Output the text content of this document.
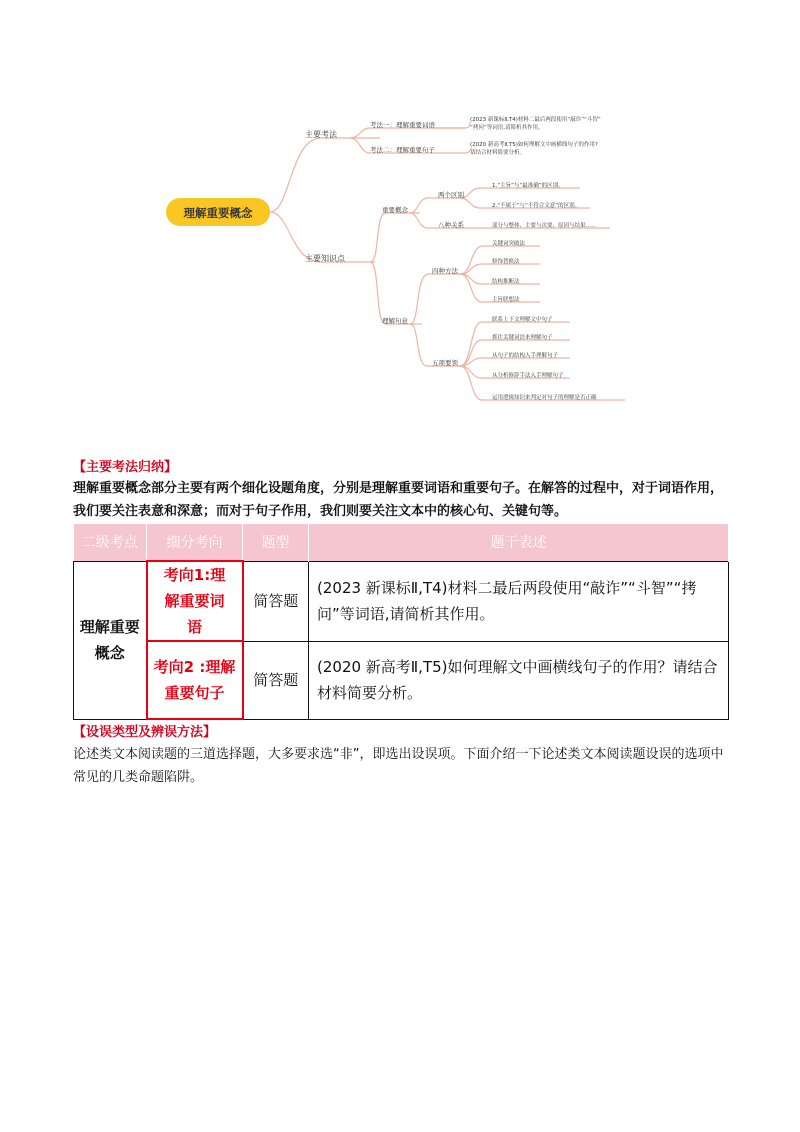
理解重要概念
主要考法
主要知识点
考法一：理解重要词语
考法二：理解重要句子
(2023 新课标Ⅱ,T4)材料二最后两段使用“敲诈”“斗智”
“拷问”等词语,请简析其作用。
(2020 新高考Ⅱ,T5)如何理解文中画横线句子的作用?
请结合材料简要分析。
重要概念
两个区别
八种关系
1.“主旨”与“最准确”的区别。
2.“不属于”与“不符合文意”的区别。
部分与整体、主要与次要、原因与结果……
理解句意
四种方法
五项要领
关键词突破法
修饰替换法
结构推断法
主旨联想法
联系上下文理解文中句子
抓住关键词语来理解句子
从句子的结构入手理解句子
从分析修辞手法入手理解句子
运用逻辑知识来判定对句子的理解是否正确
【主要考法归纳】
理解重要概念部分主要有两个细化设题角度，分别是理解重要词语和重要句子。在解答的过程中，对于词语作用，我们要关注表意和深意；而对于句子作用，我们则要关注文本中的核心句、关键句等。
二级考点	细分考向	题型	题干表述
理解重要概念	考向1:理解重要词语	简答题	(2023 新课标Ⅱ,T4)材料二最后两段使用“敲诈”“斗智”“拷问”等词语,请简析其作用。
	考向2 :理解重要句子	简答题	(2020 新高考Ⅱ,T5)如何理解文中画横线句子的作用？请结合材料简要分析。
【设误类型及辨误方法】
论述类文本阅读题的三道选择题，大多要求选“非”，即选出设误项。下面介绍一下论述类文本阅读题设误的选项中常见的几类命题陷阱。
